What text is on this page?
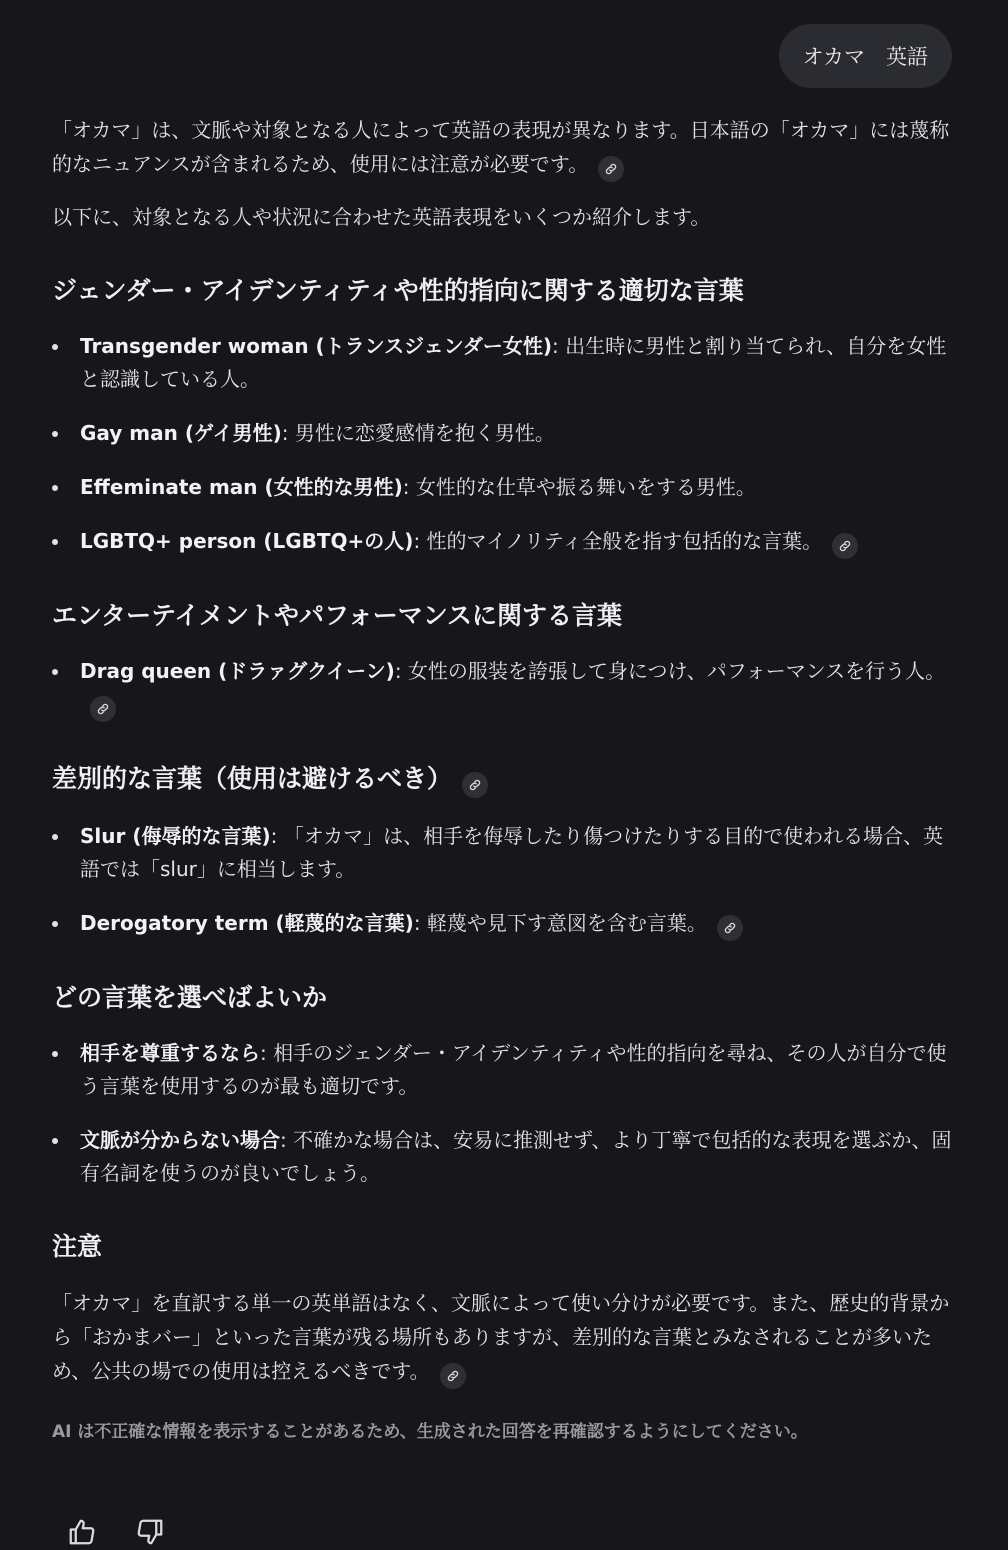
オカマ　英語

「オカマ」は、文脈や対象となる人によって英語の表現が異なります。日本語の「オカマ」には蔑称的なニュアンスが含まれるため、使用には注意が必要です。

以下に、対象となる人や状況に合わせた英語表現をいくつか紹介します。

ジェンダー・アイデンティティや性的指向に関する適切な言葉
Transgender woman (トランスジェンダー女性): 出生時に男性と割り当てられ、自分を女性と認識している人。
Gay man (ゲイ男性): 男性に恋愛感情を抱く男性。
Effeminate man (女性的な男性): 女性的な仕草や振る舞いをする男性。
LGBTQ+ person (LGBTQ+の人): 性的マイノリティ全般を指す包括的な言葉。
エンターテイメントやパフォーマンスに関する言葉
Drag queen (ドラァグクイーン): 女性の服装を誇張して身につけ、パフォーマンスを行う人。
差別的な言葉（使用は避けるべき）
Slur (侮辱的な言葉): 「オカマ」は、相手を侮辱したり傷つけたりする目的で使われる場合、英語では「slur」に相当します。
Derogatory term (軽蔑的な言葉): 軽蔑や見下す意図を含む言葉。
どの言葉を選べばよいか
相手を尊重するなら: 相手のジェンダー・アイデンティティや性的指向を尋ね、その人が自分で使う言葉を使用するのが最も適切です。
文脈が分からない場合: 不確かな場合は、安易に推測せず、より丁寧で包括的な表現を選ぶか、固有名詞を使うのが良いでしょう。
注意

「オカマ」を直訳する単一の英単語はなく、文脈によって使い分けが必要です。また、歴史的背景から「おかまバー」といった言葉が残る場所もありますが、差別的な言葉とみなされることが多いため、公共の場での使用は控えるべきです。

AI は不正確な情報を表示することがあるため、生成された回答を再確認するようにしてください。
